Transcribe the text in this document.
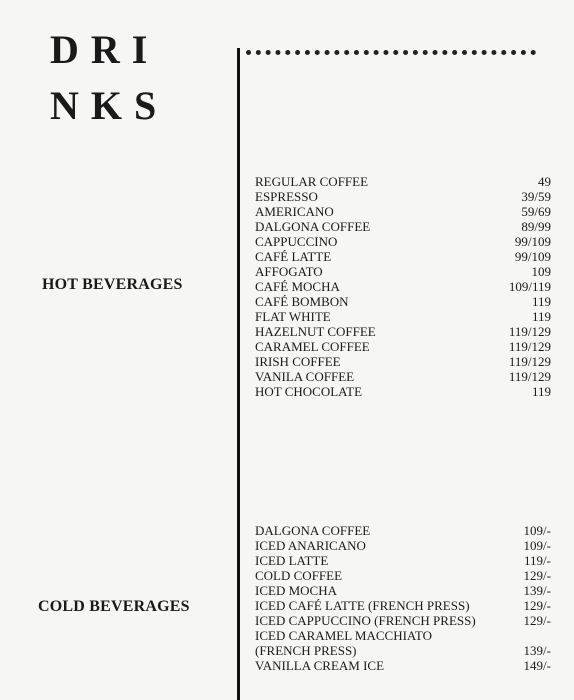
DRI
NKS
HOT BEVERAGES
REGULAR COFFEE	49
ESPRESSO	39/59
AMERICANO	59/69
DALGONA COFFEE	89/99
CAPPUCCINO	99/109
CAFÉ LATTE	99/109
AFFOGATO	109
CAFÉ MOCHA	109/119
CAFÉ BOMBON	119
FLAT WHITE	119
HAZELNUT COFFEE	119/129
CARAMEL COFFEE	119/129
IRISH COFFEE	119/129
VANILA COFFEE	119/129
HOT CHOCOLATE	119
COLD BEVERAGES
DALGONA COFFEE	109/-
ICED ANARICANO	109/-
ICED LATTE	119/-
COLD COFFEE	129/-
ICED MOCHA	139/-
ICED CAFÉ LATTE (FRENCH PRESS)	129/-
ICED CAPPUCCINO (FRENCH PRESS)	129/-
ICED CARAMEL MACCHIATO
(FRENCH PRESS)	139/-
VANILLA CREAM ICE	149/-
